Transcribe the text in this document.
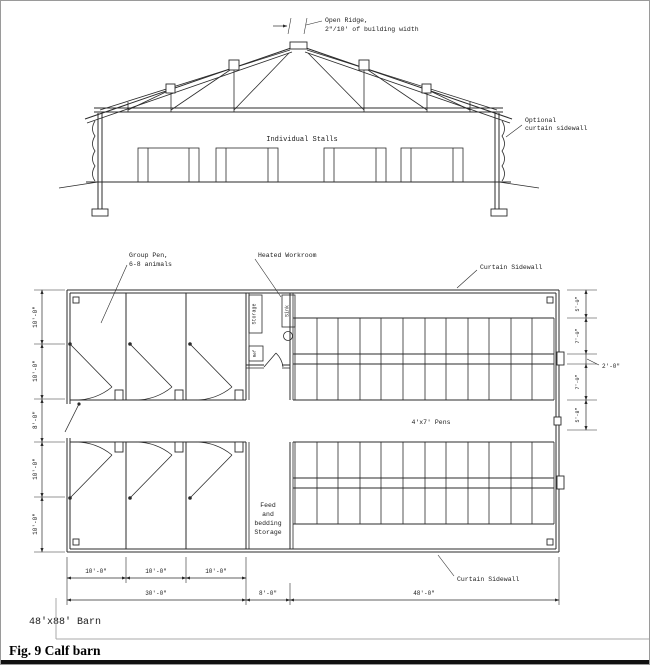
Individual Stalls
Open Ridge,
2"/10' of building width
Optional
curtain sidewall
Storage	Sink
Ref
Group Pen,
6-8 animals
Heated Workroom
Curtain Sidewall
Curtain Sidewall
4'x7' Pens
Feed
and
bedding
Storage
10'-0"
10'-0"
8'-0"
10'-0"
10'-0"
5'-0"
7'-0"
7'-0"
5'-8"
2'-0"
10'-0"	10'-0"	10'-0"
30'-0"	8'-0"	48'-0"
48'x88' Barn
Fig. 9 Calf barn
